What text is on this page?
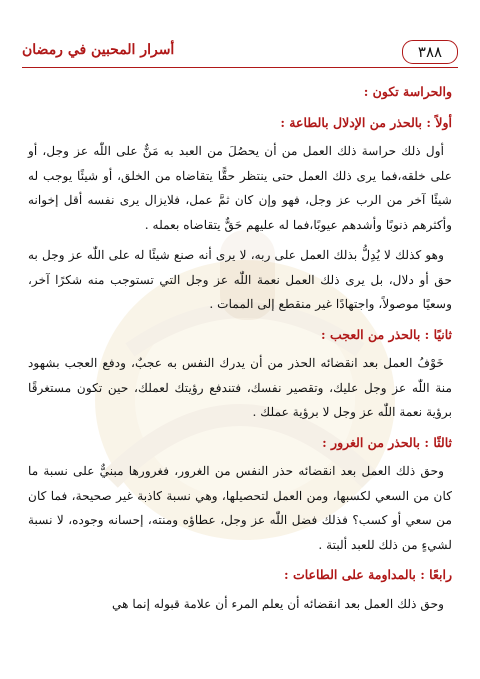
أسرار المحبين في رمضان	٣٨٨

والحراسة تكون :

أولاً : بالحذر من الإدلال بالطاعة :

أول ذلك حراسة ذلك العمل من أن يحصُلَ من العبد به مَنٌّ على اللّٰه عز وجل، أو على خلقه،فما يرى ذلك العمل حتى ينتظر حقًّا يتقاضاه من الخلق، أو شيئًا يوجب له شيئًا آخر من الرب عز وجل، فهو وإن كان ثمَّ عمل، فلايزال يرى نفسه أقل إخوانه وأكثرهم ذنوبًا وأشدهم عيوبًا،فما له عليهم حَقٌّ يتقاضاه بعمله .

وهو كذلك لا يُدِلُّ بذلك العمل على ربه، لا يرى أنه صنع شيئًا له على اللّٰه عز وجل به حق أو دلال، بل يرى ذلك العمل نعمة اللّٰه عز وجل التي تستوجب منه شكرًا آخر، وسعيًا موصولاً، واجتهادًا غير منقطع إلى الممات .

ثانيًا : بالحذر من العجب :

خَوْفُ العمل بعد انقضائه الحذر من أن يدرك النفس به عجبٌ، ودفع العجب بشهود منة اللّٰه عز وجل عليك، وتقصير نفسك، فتندفع رؤيتك لعملك، حين تكون مستغرقًا برؤية نعمة اللّٰه عز وجل لا برؤية عملك .

ثالثًا : بالحذر من الغرور :

وحق ذلك العمل بعد انقضائه حذر النفس من الغرور، فغرورها مبنيٌّ على نسبة ما كان من السعي لكسبها، ومن العمل لتحصيلها، وهي نسبة كاذبة غير صحيحة، فما كان من سعي أو كسب؟ فذلك فضل اللّٰه عز وجل، عطاؤه ومنته، إحسانه وجوده، لا نسبة لشيءٍ من ذلك للعبد ألبتة .

رابعًا : بالمداومة على الطاعات :

وحق ذلك العمل بعد انقضائه أن يعلم المرء أن علامة قبوله إنما هي
